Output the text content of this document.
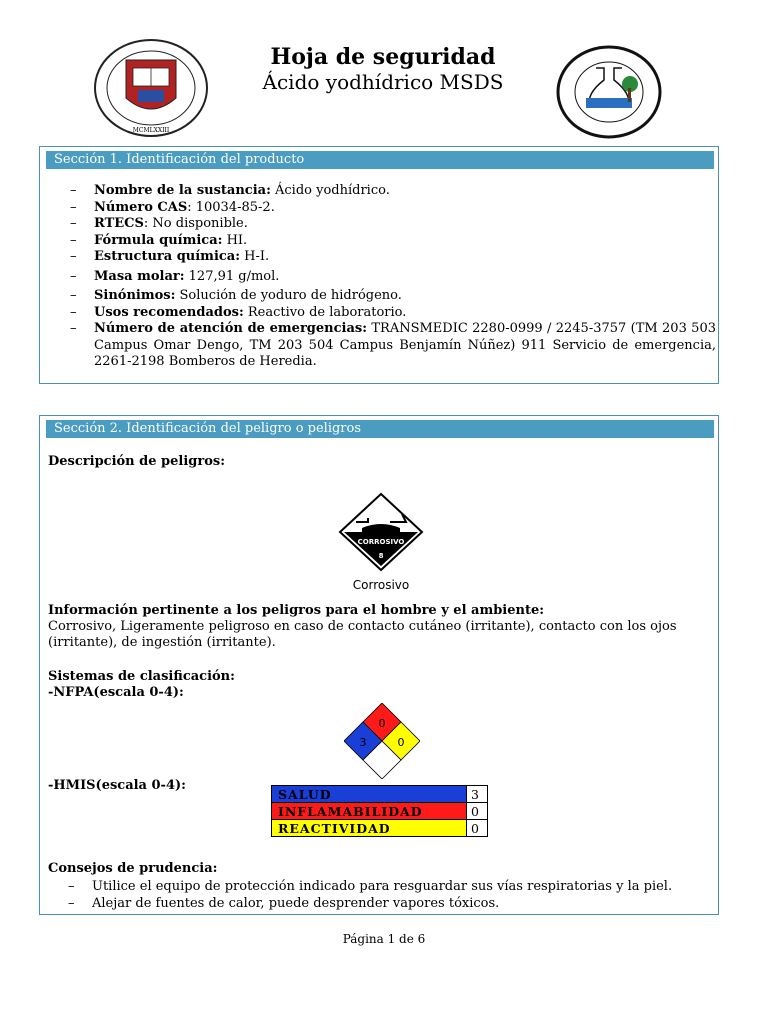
MCMLXXIII
Hoja de seguridad
Ácido yodhídrico MSDS
Sección 1. Identificación del producto
– Nombre de la sustancia: Ácido yodhídrico.
– Número CAS: 10034-85-2.
– RTECS: No disponible.
– Fórmula química: HI.
– Estructura química: H-I.
– Masa molar: 127,91 g/mol.
– Sinónimos: Solución de yoduro de hidrógeno.
– Usos recomendados: Reactivo de laboratorio.
– Número de atención de emergencias: TRANSMEDIC 2280-0999 / 2245-3757 (TM 203 503 Campus Omar Dengo, TM 203 504 Campus Benjamín Núñez) 911 Servicio de emergencia, 2261-2198 Bomberos de Heredia.
Sección 2. Identificación del peligro o peligros
Descripción de peligros:
CORROSIVO
8
Corrosivo
Información pertinente a los peligros para el hombre y el ambiente:
Corrosivo, Ligeramente peligroso en caso de contacto cutáneo (irritante), contacto con los ojos (irritante), de ingestión (irritante).
Sistemas de clasificación:
-NFPA(escala 0-4):
0
3	0
-HMIS(escala 0-4):
SALUD	3
INFLAMABILIDAD	0
REACTIVIDAD	0
Consejos de prudencia:
– Utilice el equipo de protección indicado para resguardar sus vías respiratorias y la piel.
– Alejar de fuentes de calor, puede desprender vapores tóxicos.
Página 1 de 6
